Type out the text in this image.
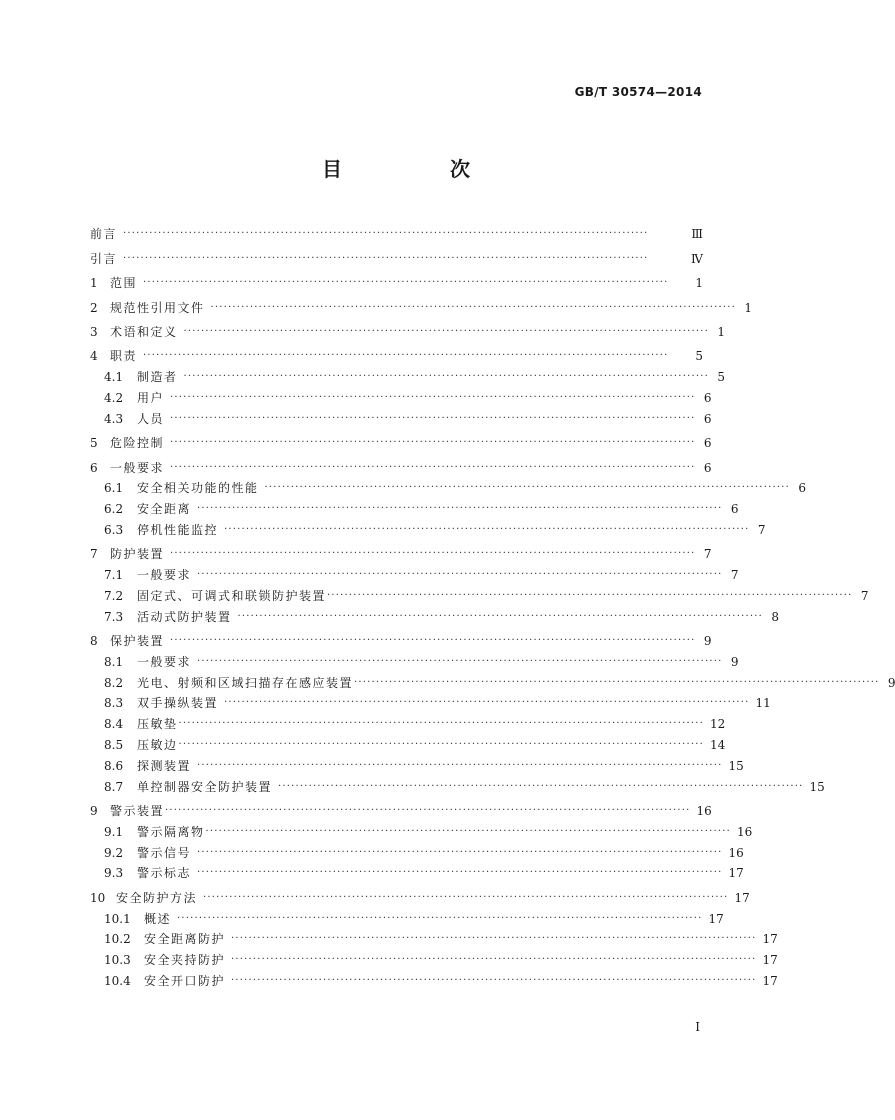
GB/T 30574—2014
目　次
前言 ························································································································	Ⅲ
引言 ························································································································	Ⅳ
1	范围 ························································································································	1
2	规范性引用文件 ························································································································ 1
3	术语和定义 ························································································································ 1
4	职责 ························································································································	5
4.1	制造者 ························································································································ 5
4.2	用户 ························································································································ 6
4.3	人员 ························································································································ 6
5	危险控制 ························································································································ 6
6	一般要求 ························································································································ 6
6.1	安全相关功能的性能 ························································································································ 6
6.2	安全距离 ························································································································ 6
6.3	停机性能监控 ························································································································ 7
7	防护装置 ························································································································ 7
7.1	一般要求 ························································································································ 7
7.2	固定式、可调式和联锁防护装置 ························································································································ 7
7.3	活动式防护装置 ························································································································ 8
8	保护装置 ························································································································ 9
8.1	一般要求 ························································································································ 9
8.2	光电、射频和区域扫描存在感应装置 ························································································································ 9
8.3	双手操纵装置 ························································································································ 11
8.4	压敏垫 ························································································································ 12
8.5	压敏边 ························································································································ 14
8.6	探测装置 ························································································································ 15
8.7	单控制器安全防护装置 ························································································································ 15
9	警示装置 ························································································································ 16
9.1	警示隔离物 ························································································································ 16
9.2	警示信号 ························································································································ 16
9.3	警示标志 ························································································································ 17
10 安全防护方法 ························································································································ 17
10.1	概述 ························································································································ 17
10.2	安全距离防护 ························································································································ 17
10.3	安全夹持防护 ························································································································ 17
10.4	安全开口防护 ························································································································ 17
I
